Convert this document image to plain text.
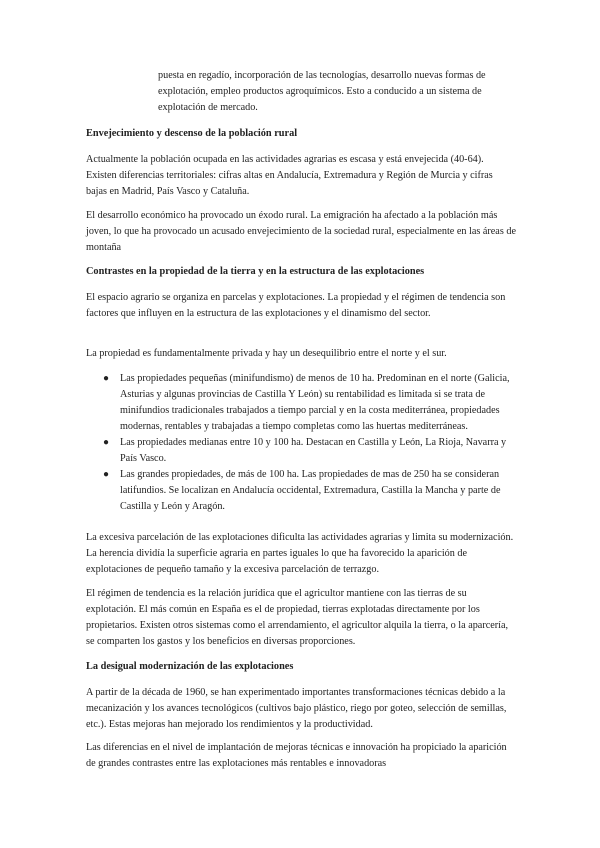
puesta en regadío, incorporación de las tecnologías, desarrollo nuevas formas de explotación, empleo productos agroquímicos. Esto a conducido a un sistema de explotación de mercado.

Envejecimiento y descenso de la población rural

Actualmente la población ocupada en las actividades agrarias es escasa y está envejecida (40-64). Existen diferencias territoriales: cifras altas en Andalucía, Extremadura y Región de Murcia y cifras bajas en Madrid, País Vasco y Cataluña.

El desarrollo económico ha provocado un éxodo rural. La emigración ha afectado a la población más joven, lo que ha provocado un acusado envejecimiento de la sociedad rural, especialmente en las áreas de montaña

Contrastes en la propiedad de la tierra y en la estructura de las explotaciones

El espacio agrario se organiza en parcelas y explotaciones. La propiedad y el régimen de tendencia son factores que influyen en la estructura de las explotaciones y el dinamismo del sector.

La propiedad es fundamentalmente privada y hay un desequilibrio entre el norte y el sur.

● Las propiedades pequeñas (minifundismo) de menos de 10 ha. Predominan en el norte (Galicia, Asturias y algunas provincias de Castilla Y León) su rentabilidad es limitada si se trata de minifundios tradicionales trabajados a tiempo parcial y en la costa mediterránea, propiedades modernas, rentables y trabajadas a tiempo completas como las huertas mediterráneas.
● Las propiedades medianas entre 10 y 100 ha. Destacan en Castilla y León, La Rioja, Navarra y País Vasco.
● Las grandes propiedades, de más de 100 ha. Las propiedades de mas de 250 ha se consideran latifundios. Se localizan en Andalucía occidental, Extremadura, Castilla la Mancha y parte de Castilla y León y Aragón.

La excesiva parcelación de las explotaciones dificulta las actividades agrarias y limita su modernización. La herencia dividía la superficie agraria en partes iguales lo que ha favorecido la aparición de explotaciones de pequeño tamaño y la excesiva parcelación de terrazgo.

El régimen de tendencia es la relación jurídica que el agricultor mantiene con las tierras de su explotación. El más común en España es el de propiedad, tierras explotadas directamente por los propietarios. Existen otros sistemas como el arrendamiento, el agricultor alquila la tierra, o la aparcería, se comparten los gastos y los beneficios en diversas proporciones.

La desigual modernización de las explotaciones

A partir de la década de 1960, se han experimentado importantes transformaciones técnicas debido a la mecanización y los avances tecnológicos (cultivos bajo plástico, riego por goteo, selección de semillas, etc.). Estas mejoras han mejorado los rendimientos y la productividad.

Las diferencias en el nivel de implantación de mejoras técnicas e innovación ha propiciado la aparición de grandes contrastes entre las explotaciones más rentables e innovadoras
